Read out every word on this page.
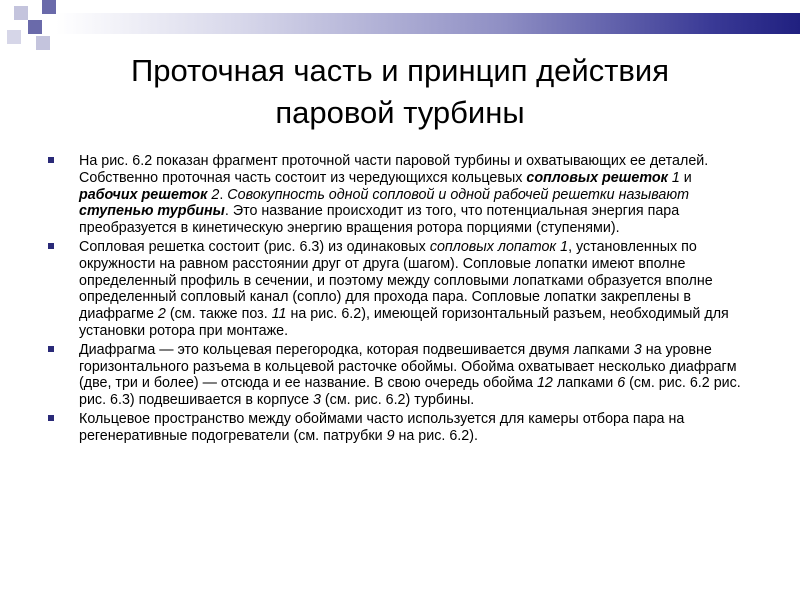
Проточная часть и принцип действия
паровой турбины
На рис. 6.2 показан фрагмент проточной части паровой турбины и охватывающих ее деталей. Собственно проточная часть состоит из чередующихся кольцевых сопловых решеток 1 и рабочих решеток 2. Совокупность одной сопловой и одной рабочей решетки называют ступенью турбины. Это название происходит из того, что потенциальная энергия пара преобразуется в кинетическую энергию вращения ротора порциями (ступенями).
Сопловая решетка состоит (рис. 6.3) из одинаковых сопловых лопаток 1, установленных по окружности на равном расстоянии друг от друга (шагом). Сопловые лопатки имеют вполне определенный профиль в сечении, и поэтому между сопловыми лопатками образуется вполне определенный сопловый канал (сопло) для прохода пара. Сопловые лопатки закреплены в диафрагме 2 (см. также поз. 11 на рис. 6.2), имеющей горизонтальный разъем, необходимый для установки ротора при монтаже.
Диафрагма — это кольцевая перегородка, которая подвешивается двумя лапками 3 на уровне горизонтального разъема в кольцевой расточке обоймы. Обойма охватывает несколько диафрагм (две, три и более) — отсюда и ее название. В свою очередь обойма 12 лапками 6 (см. рис. 6.2 рис. рис. 6.3) подвешивается в корпусе 3 (см. рис. 6.2) турбины.
Кольцевое пространство между обоймами часто используется для камеры отбора пара на регенеративные подогреватели (см. патрубки 9 на рис. 6.2).
